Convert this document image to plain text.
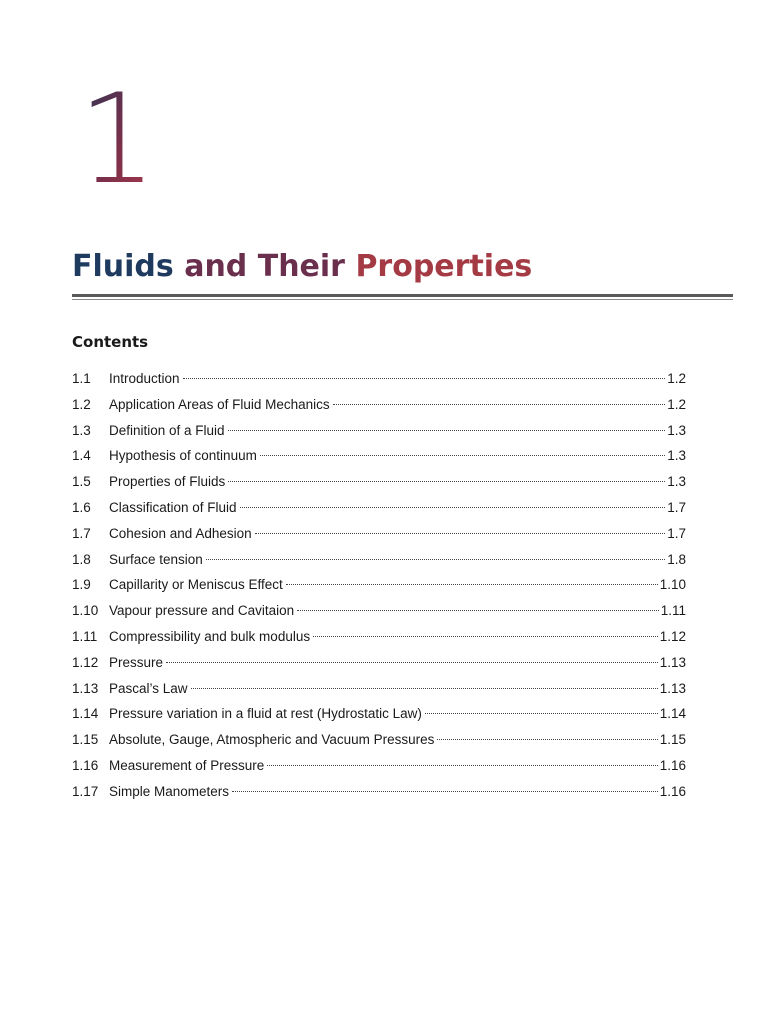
1
Fluids and Their Properties
Contents
1.1	Introduction	1.2
1.2	Application Areas of Fluid Mechanics	1.2
1.3	Definition of a Fluid	1.3
1.4	Hypothesis of continuum	1.3
1.5	Properties of Fluids	1.3
1.6	Classification of Fluid	1.7
1.7	Cohesion and Adhesion	1.7
1.8	Surface tension	1.8
1.9	Capillarity or Meniscus Effect	1.10
1.10 Vapour pressure and Cavitaion	1.11
1.11 Compressibility and bulk modulus	1.12
1.12 Pressure	1.13
1.13 Pascal’s Law	1.13
1.14 Pressure variation in a fluid at rest (Hydrostatic Law)	1.14
1.15 Absolute, Gauge, Atmospheric and Vacuum Pressures	1.15
1.16 Measurement of Pressure	1.16
1.17 Simple Manometers	1.16
